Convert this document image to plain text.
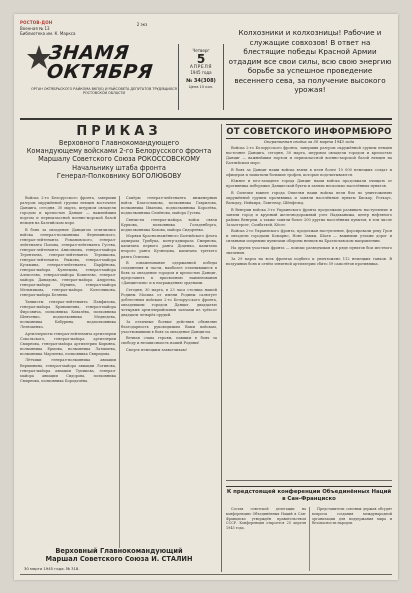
РОСТОВ-ДОН
Военная № 13
Библиотека им. К. Маркса
2 экз
ЗНАМЯ
ОКТЯБРЯ
ОРГАН ОКТЯБРЬСКОГО РАЙКОМА ВКП(Б) И РАЙСОВЕТА ДЕПУТАТОВ ТРУДЯЩИХСЯ РОСТОВСКОЙ ОБЛАСТИ
Четверг
5
АПРЕЛЯ
1945 года
№ 34(308)
Цена 15 коп.
Колхозники и колхозницы! Рабочие и служащие совхозов! В ответ на блестящие победы Красной Армии отдадим все свои силы, всю свою энергию борьбе за успешное проведение весеннего сева, за получение высокого урожая!
ПРИКАЗ
Верховного Главнокомандующего
Командующему войсками 2-го Белорусского фронта
Маршалу Советского Союза РОКОССОВСКОМУ
Начальнику штаба фронта
Генерал-Полковнику БОГОЛЮБОВУ

Войска 2-го Белорусского фронта, завершив разгром окружённой группы немцев восточнее Данцига, сегодня, 30 марта, штурмом овладели городом и крепостью Данциг — важнейшим портом и первоклассной военно-морской базой немцев на Балтийском море.

В боях за овладение Данцигом отличились войска генерал-полковника Федюнинского, генерал-лейтенанта Романовского, генерал-лейтенанта Попова, генерал-лейтенанта Гусева, генерал-лейтенанта Анисимова, генерал-майора Терентьева, генерал-лейтенанта Терешкова, генерал-лейтенанта Рыжова, генерал-майора Кузьмина, генерал-лейтенанта Парфёнова, генерал-майора Кузнецова, генерал-майора Алексеева, генерал-майора Кошелева, генерал-майора Давыдова, генерал-майора Андреева, генерал-майора Мухина, генерал-майора Мельникова, генерал-майора Колесникова, генерал-майора Беляева.

Танкисты генерал-лейтенанта Панфилова, генерал-майора Кривошеина, генерал-майора Фирсовича, полковника Ковалёва, полковника Шевченко, подполковника Медведева, полковника Бабурина, подполковника Лелюшенко.

Артиллеристы генерал-лейтенанта артиллерии Сокольского, генерал-майора артиллерии Смирнова, генерал-майора артиллерии Кирьяна, полковника Ершова, полковника Латышева, полковника Марченко, полковника Свиридова.

Лётчики генерал-полковника авиации Вершинина, генерал-майора авиации Логинова, генерал-майора авиации Тупикова, генерал-майора авиации Сидорова, полковника Смирнова, полковника Бородачёва.

Сапёры генерал-лейтенанта инженерных войск Благославова, полковника Гаврилова, полковника Иванова, подполковника Королёва, подполковника Семёнова, майора Гусева.

Связисты генерал-майора войск связи Куркова, полковника Гольденберга, подполковника Кокова, майора Сидоренко.

Моряки Краснознамённого Балтийского флота адмирала Трибуца, контр-адмирала Смирнова, капитана первого ранга Доценко, капитана второго ранга Кузнецова, капитана третьего ранга Осипова.

В ознаменование одержанной победы соединения и части, наиболее отличившиеся в боях за овладение городом и крепостью Данциг, представить к присвоению наименования «Данцигских» и к награждению орденами.

Сегодня, 30 марта, в 23 часа столица нашей Родины Москва от имени Родины салютует доблестным войскам 2-го Белорусского фронта, овладевшим городом Данциг, двадцатью четырьмя артиллерийскими залпами из трёхсот двадцати четырёх орудий.

За отличные боевые действия объявляю благодарность руководимым Вами войскам, участвовавшим в боях за овладение Данцигом.

Вечная слава героям, павшим в боях за свободу и независимость нашей Родины!

Смерть немецким захватчикам!

Верховный Главнокомандующий
Маршал Советского Союза И. СТАЛИН
30 марта 1945 года. № 318.
ОТ СОВЕТСКОГО ИНФОРМБЮРО
Оперативная сводка за 30 марта 1945 года

Войска 2-го Белорусского фронта, завершив разгром окружённой группы немцев восточнее Данцига, сегодня, 30 марта, штурмом овладели городом и крепостью Данциг — важнейшим портом и первоклассной военно-морской базой немцев на Балтийском море.

В боях за Данциг наши войска взяли в плен более 10 000 немецких солдат и офицеров и захватили большие трофеи, которые подсчитываются.

Южнее и юго-западнее города Данциг наши войска продолжали очищать от противника побережье Данцигской бухты и заняли несколько населённых пунктов.

В Силезии южнее города Оппельн наши войска вели бои по уничтожению окружённой группы противника и заняли населённые пункты Бискау, Ротхаус, Вальдау, Нейкирх, Лангенау, Шёнфельд.

В Венгрии войска 3-го Украинского фронта продолжали развивать наступление и заняли город и крупный железнодорожный узел Надьканижа, центр нефтяного района Венгрии, а также заняли более 200 других населённых пунктов, в том числе Залаэгерсег, Сомбатхей, Кёсег.

Войска 2-го Украинского фронта, продолжая наступление, форсировали реку Грон и овладели городами Комарно, Нове Замки, Шаля — важными узлами дорог и сильными опорными пунктами обороны немцев на Братиславском направлении.

На других участках фронта — поиски разведчиков и в ряде пунктов бои местного значения.

За 29 марта на всех фронтах подбито и уничтожено 112 немецких танков. В воздушных боях и огнём зенитной артиллерии сбито 59 самолётов противника.

К предстоящей конференции Объединённых Наций в Сан-Франциско

Состав советской делегации на конференцию Объединённых Наций в Сан-Франциско утверждён правительством СССР. Конференция откроется 25 апреля 1945 года.

Представители союзных держав обсудят вопросы создания международной организации для поддержания мира и безопасности народов.
